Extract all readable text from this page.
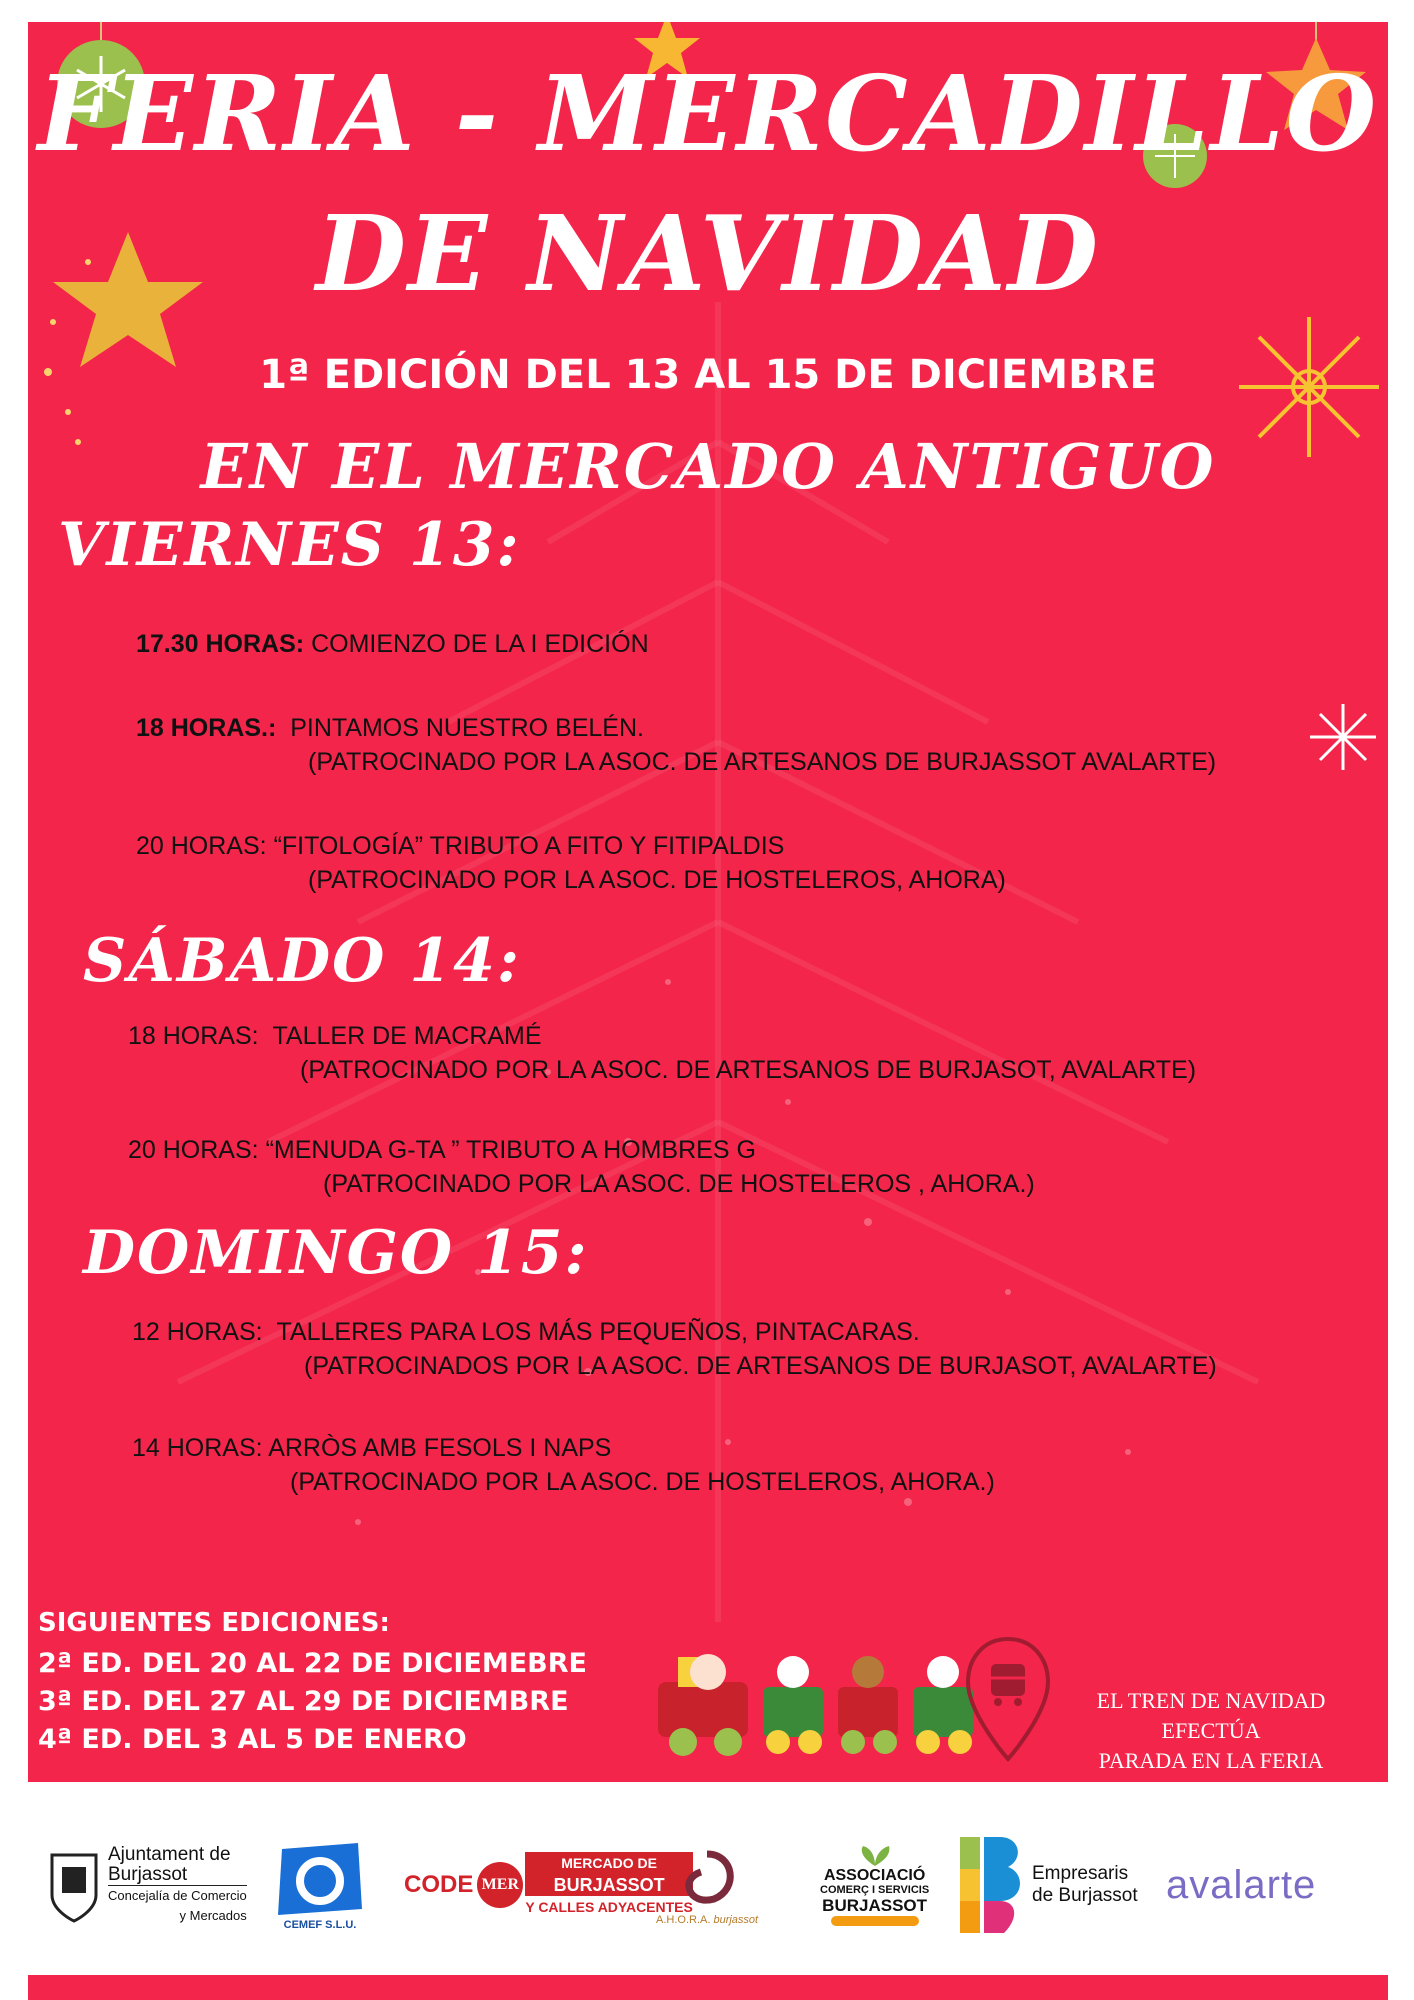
FERIA - MERCADILLO
DE NAVIDAD
1ª EDICIÓN DEL 13 AL 15 DE DICIEMBRE
EN EL MERCADO ANTIGUO
VIERNES 13:
17.30 HORAS: COMIENZO DE LA I EDICIÓN
18 HORAS.: PINTAMOS NUESTRO BELÉN.
(PATROCINADO POR LA ASOC. DE ARTESANOS DE BURJASSOT AVALARTE)
20 HORAS: “FITOLOGÍA” TRIBUTO A FITO Y FITIPALDIS
(PATROCINADO POR LA ASOC. DE HOSTELEROS, AHORA)
SÁBADO 14:
18 HORAS: TALLER DE MACRAMÉ
(PATROCINADO POR LA ASOC. DE ARTESANOS DE BURJASOT, AVALARTE)
20 HORAS: “MENUDA G-TA ” TRIBUTO A HOMBRES G
(PATROCINADO POR LA ASOC. DE HOSTELEROS , AHORA.)
DOMINGO 15:
12 HORAS: TALLERES PARA LOS MÁS PEQUEÑOS, PINTACARAS.
(PATROCINADOS POR LA ASOC. DE ARTESANOS DE BURJASOT, AVALARTE)
14 HORAS: ARRÒS AMB FESOLS I NAPS
(PATROCINADO POR LA ASOC. DE HOSTELEROS, AHORA.)
SIGUIENTES EDICIONES:
2ª ED. DEL 20 AL 22 DE DICIEMEBRE
3ª ED. DEL 27 AL 29 DE DICIEMBRE
4ª ED. DEL 3 AL 5 DE ENERO
EL TREN DE NAVIDAD
EFECTÚA
PARADA EN LA FERIA
Ajuntament de
Burjassot
Concejalía de Comercio
y Mercados
CEMEF S.L.U.
CODE MER
MERCADO DE
BURJASSOT
Y CALLES ADYACENTES
A.H.O.R.A. burjassot
ASSOCIACIÓ
COMERÇ I SERVICIS
BURJASSOT
Empresaris
de Burjassot avalarte
